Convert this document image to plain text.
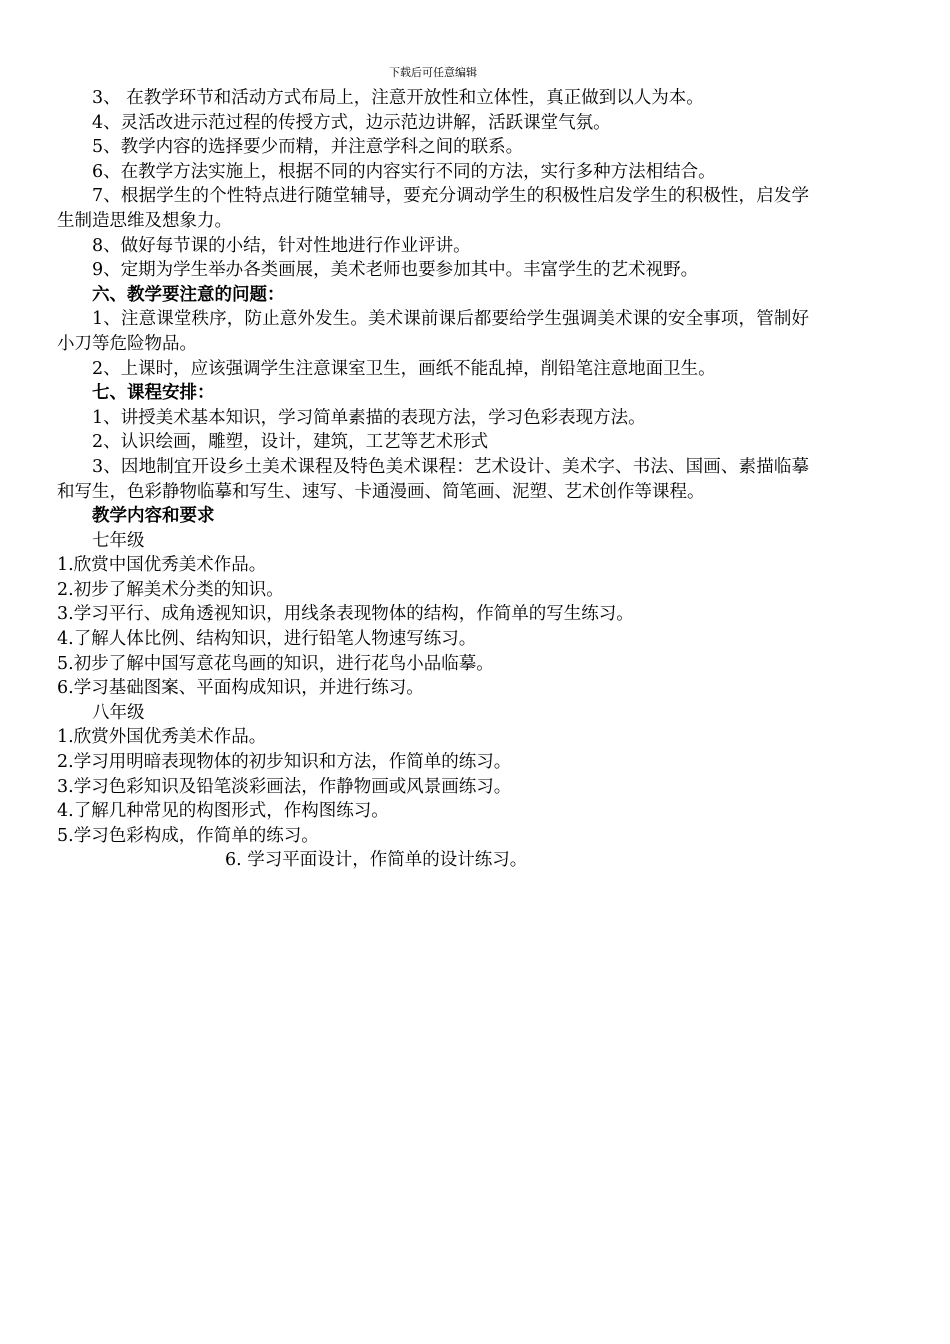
下载后可任意编辑

3、 在教学环节和活动方式布局上，注意开放性和立体性，真正做到以人为本。

4、灵活改进示范过程的传授方式，边示范边讲解，活跃课堂气氛。

5、教学内容的选择要少而精，并注意学科之间的联系。

6、在教学方法实施上，根据不同的内容实行不同的方法，实行多种方法相结合。

7、根据学生的个性特点进行随堂辅导，要充分调动学生的积极性启发学生的积极性，启发学生制造思维及想象力。

8、做好每节课的小结，针对性地进行作业评讲。

9、定期为学生举办各类画展，美术老师也要参加其中。丰富学生的艺术视野。

六、教学要注意的问题：

1、注意课堂秩序，防止意外发生。美术课前课后都要给学生强调美术课的安全事项，管制好小刀等危险物品。

2、上课时，应该强调学生注意课室卫生，画纸不能乱掉，削铅笔注意地面卫生。

七、课程安排：

1、讲授美术基本知识，学习简单素描的表现方法，学习色彩表现方法。

2、认识绘画，雕塑，设计，建筑，工艺等艺术形式

3、因地制宜开设乡土美术课程及特色美术课程：艺术设计、美术字、书法、国画、素描临摹和写生，色彩静物临摹和写生、速写、卡通漫画、简笔画、泥塑、艺术创作等课程。

教学内容和要求

七年级

1.欣赏中国优秀美术作品。

2.初步了解美术分类的知识。

3.学习平行、成角透视知识，用线条表现物体的结构，作简单的写生练习。

4.了解人体比例、结构知识，进行铅笔人物速写练习。

5.初步了解中国写意花鸟画的知识，进行花鸟小品临摹。

6.学习基础图案、平面构成知识，并进行练习。

八年级

1.欣赏外国优秀美术作品。

2.学习用明暗表现物体的初步知识和方法，作简单的练习。

3.学习色彩知识及铅笔淡彩画法，作静物画或风景画练习。

4.了解几种常见的构图形式，作构图练习。

5.学习色彩构成，作简单的练习。

6. 学习平面设计，作简单的设计练习。
